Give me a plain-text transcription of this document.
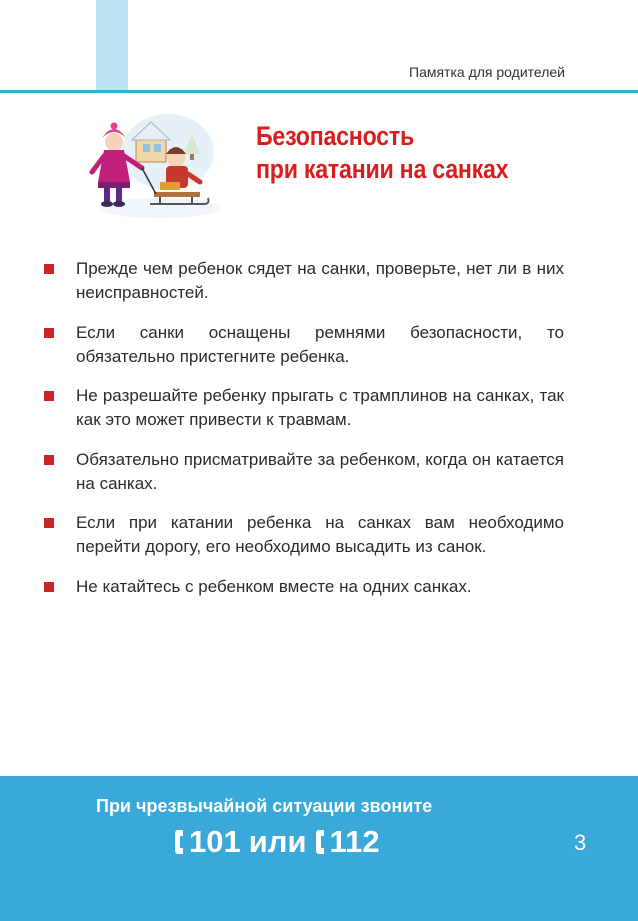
Памятка для родителей
Безопасность
при катании на санках
Прежде чем ребенок сядет на санки, проверьте, нет ли в них неисправностей.
Если санки оснащены ремнями безопасности, то обязательно пристегните ребенка.
Не разрешайте ребенку прыгать с трамплинов на санках, так как это может привести к травмам.
Обязательно присматривайте за ребенком, когда он катается на санках.
Если при катании ребенка на санках вам необходимо перейти дорогу, его необходимо высадить из санок.
Не катайтесь с ребенком вместе на одних санках.
При чрезвычайной ситуации звоните
101 или 112	3
